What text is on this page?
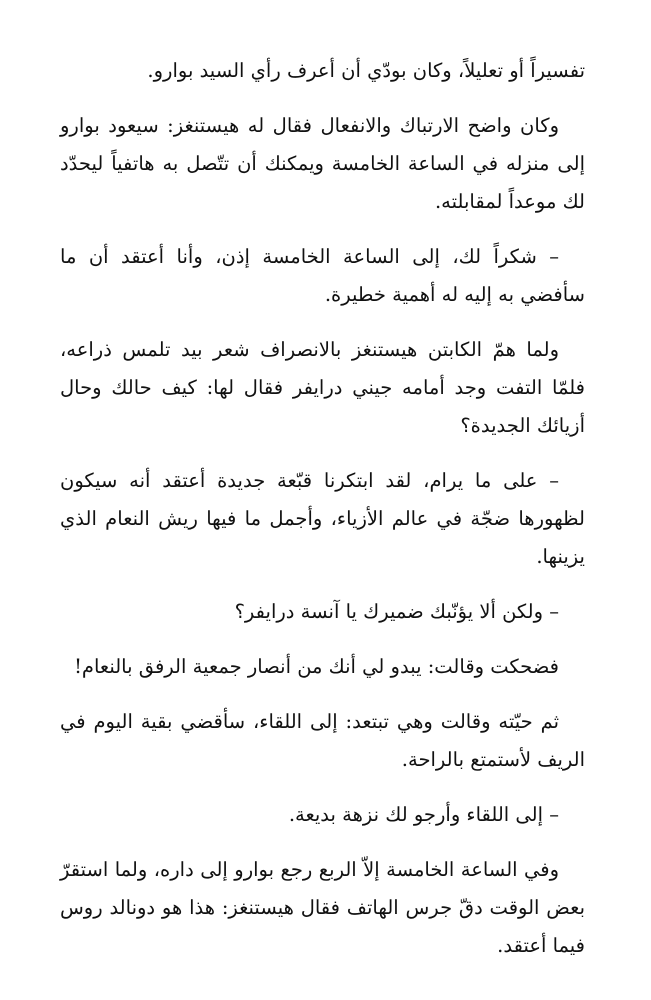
تفسيراً أو تعليلاً، وكان بودّي أن أعرف رأي السيد بوارو.

وكان واضح الارتباك والانفعال فقال له هيستنغز: سيعود بوارو إلى منزله في الساعة الخامسة ويمكنك أن تتّصل به هاتفياً ليحدّد لك موعداً لمقابلته.

– شكراً لك، إلى الساعة الخامسة إذن، وأنا أعتقد أن ما سأفضي به إليه له أهمية خطيرة.

ولما همّ الكابتن هيستنغز بالانصراف شعر بيد تلمس ذراعه، فلمّا التفت وجد أمامه جيني درايفر فقال لها: كيف حالك وحال أزيائك الجديدة؟

– على ما يرام، لقد ابتكرنا قبّعة جديدة أعتقد أنه سيكون لظهورها ضجّة في عالم الأزياء، وأجمل ما فيها ريش النعام الذي يزينها.

– ولكن ألا يؤنّبك ضميرك يا آنسة درايفر؟

فضحكت وقالت: يبدو لي أنك من أنصار جمعية الرفق بالنعام!

ثم حيّته وقالت وهي تبتعد: إلى اللقاء، سأقضي بقية اليوم في الريف لأستمتع بالراحة.

– إلى اللقاء وأرجو لك نزهة بديعة.

وفي الساعة الخامسة إلاّ الربع رجع بوارو إلى داره، ولما استقرّ بعض الوقت دقّ جرس الهاتف فقال هيستنغز: هذا هو دونالد روس فيما أعتقد.
